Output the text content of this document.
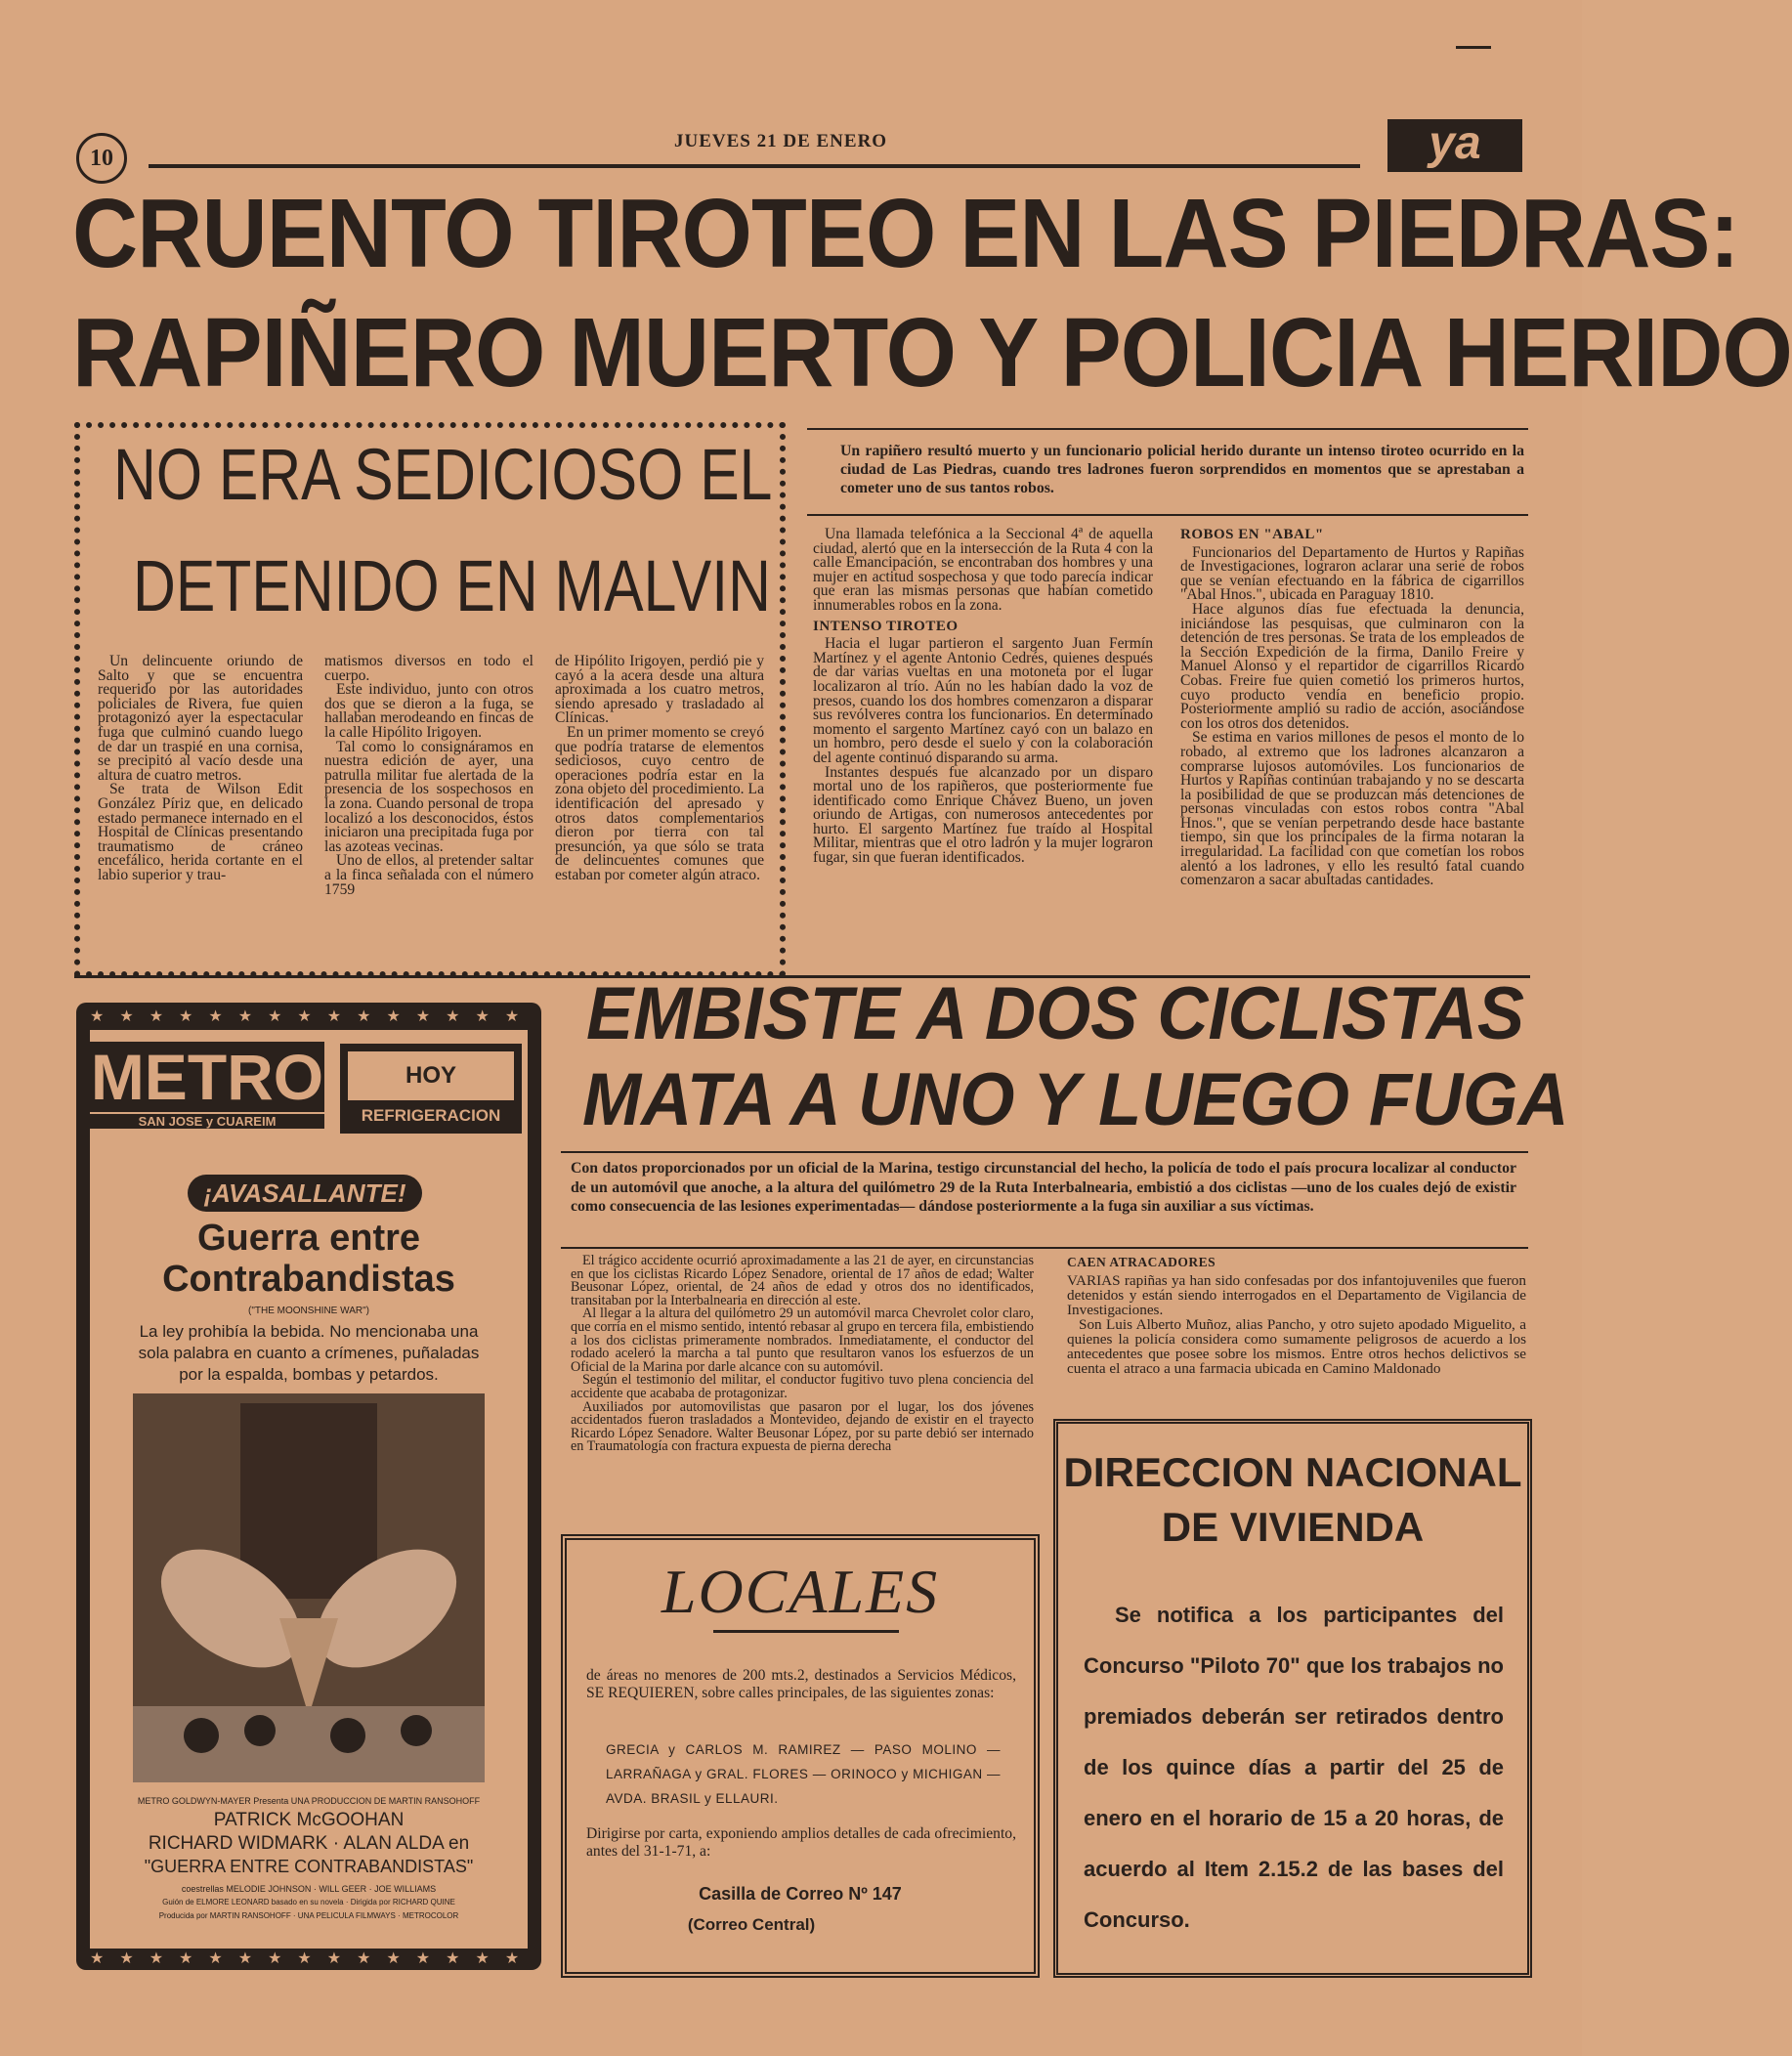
10
JUEVES 21 DE ENERO	ya
CRUENTO TIROTEO EN LAS PIEDRAS:
RAPIÑERO MUERTO Y POLICIA HERIDO
NO ERA SEDICIOSO EL
DETENIDO EN MALVIN

Un delincuente oriundo de Salto y que se encuentra requerido por las autoridades policiales de Rivera, fue quien protagonizó ayer la espectacular fuga que culminó cuando luego de dar un traspié en una cornisa, se precipitó al vacío desde una altura de cuatro metros.

Se trata de Wilson Edit González Píriz que, en delicado estado permanece internado en el Hospital de Clínicas presentando traumatismo de cráneo encefálico, herida cortante en el labio superior y trau-

matismos diversos en todo el cuerpo.

Este individuo, junto con otros dos que se dieron a la fuga, se hallaban merodeando en fincas de la calle Hipólito Irigoyen.

Tal como lo consignáramos en nuestra edición de ayer, una patrulla militar fue alertada de la presencia de los sospechosos en la zona. Cuando personal de tropa localizó a los desconocidos, éstos iniciaron una precipitada fuga por las azoteas vecinas.

Uno de ellos, al pretender saltar a la finca señalada con el número 1759

de Hipólito Irigoyen, perdió pie y cayó a la acera desde una altura aproximada a los cuatro metros, siendo apresado y trasladado al Clínicas.

En un primer momento se creyó que podría tratarse de elementos sediciosos, cuyo centro de operaciones podría estar en la zona objeto del procedimiento. La identificación del apresado y otros datos complementarios dieron por tierra con tal presunción, ya que sólo se trata de delincuentes comunes que estaban por cometer algún atraco.

Un rapiñero resultó muerto y un funcionario policial herido durante un intenso tiroteo ocurrido en la ciudad de Las Piedras, cuando tres ladrones fueron sorprendidos en momentos que se aprestaban a cometer uno de sus tantos robos.

Una llamada telefónica a la Seccional 4ª de aquella ciudad, alertó que en la intersección de la Ruta 4 con la calle Emancipación, se encontraban dos hombres y una mujer en actitud sospechosa y que todo parecía indicar que eran las mismas personas que habían cometido innumerables robos en la zona.

INTENSO TIROTEO

Hacia el lugar partieron el sargento Juan Fermín Martínez y el agente Antonio Cedrés, quienes después de dar varias vueltas en una motoneta por el lugar localizaron al trío. Aún no les habían dado la voz de presos, cuando los dos hombres comenzaron a disparar sus revólveres contra los funcionarios. En determinado momento el sargento Martínez cayó con un balazo en un hombro, pero desde el suelo y con la colaboración del agente continuó disparando su arma.

Instantes después fue alcanzado por un disparo mortal uno de los rapiñeros, que posteriormente fue identificado como Enrique Chávez Bueno, un joven oriundo de Artigas, con numerosos antecedentes por hurto. El sargento Martínez fue traído al Hospital Militar, mientras que el otro ladrón y la mujer lograron fugar, sin que fueran identificados.

ROBOS EN "ABAL"

Funcionarios del Departamento de Hurtos y Rapiñas de Investigaciones, lograron aclarar una serie de robos que se venían efectuando en la fábrica de cigarrillos "Abal Hnos.", ubicada en Paraguay 1810.

Hace algunos días fue efectuada la denuncia, iniciándose las pesquisas, que culminaron con la detención de tres personas. Se trata de los empleados de la Sección Expedición de la firma, Danilo Freire y Manuel Alonso y el repartidor de cigarrillos Ricardo Cobas. Freire fue quien cometió los primeros hurtos, cuyo producto vendía en beneficio propio. Posteriormente amplió su radio de acción, asociándose con los otros dos detenidos.

Se estima en varios millones de pesos el monto de lo robado, al extremo que los ladrones alcanzaron a comprarse lujosos automóviles. Los funcionarios de Hurtos y Rapiñas continúan trabajando y no se descarta la posibilidad de que se produzcan más detenciones de personas vinculadas con estos robos contra "Abal Hnos.", que se venían perpetrando desde hace bastante tiempo, sin que los principales de la firma notaran la irregularidad. La facilidad con que cometían los robos alentó a los ladrones, y ello les resultó fatal cuando comenzaron a sacar abultadas cantidades.

★★★★★★★★★★★★★★★
METRO
SAN JOSE y CUAREIM
HOY
REFRIGERACION
¡AVASALLANTE!
Guerra entre
Contrabandistas
("THE MOONSHINE WAR")
La ley prohibía la bebida. No mencionaba una sola palabra en cuanto a crímenes, puñaladas por la espalda, bombas y petardos.
METRO GOLDWYN-MAYER Presenta UNA PRODUCCION DE MARTIN RANSOHOFF
PATRICK McGOOHAN
RICHARD WIDMARK · ALAN ALDA en
"GUERRA ENTRE CONTRABANDISTAS"
coestrellas MELODIE JOHNSON · WILL GEER · JOE WILLIAMS
Guión de ELMORE LEONARD basado en su novela · Dirigida por RICHARD QUINE
Producida por MARTIN RANSOHOFF · UNA PELICULA FILMWAYS · METROCOLOR
★★★★★★★★★★★★★★★
EMBISTE A DOS CICLISTAS
MATA A UNO Y LUEGO FUGA
Con datos proporcionados por un oficial de la Marina, testigo circunstancial del hecho, la policía de todo el país procura localizar al conductor de un automóvil que anoche, a la altura del quilómetro 29 de la Ruta Interbalnearia, embistió a dos ciclistas —uno de los cuales dejó de existir como consecuencia de las lesiones experimentadas— dándose posteriormente a la fuga sin auxiliar a sus víctimas.

El trágico accidente ocurrió aproximadamente a las 21 de ayer, en circunstancias en que los ciclistas Ricardo López Senadore, oriental de 17 años de edad; Walter Beusonar López, oriental, de 24 años de edad y otros dos no identificados, transitaban por la Interbalnearia en dirección al este.

Al llegar a la altura del quilómetro 29 un automóvil marca Chevrolet color claro, que corría en el mismo sentido, intentó rebasar al grupo en tercera fila, embistiendo a los dos ciclistas primeramente nombrados. Inmediatamente, el conductor del rodado aceleró la marcha a tal punto que resultaron vanos los esfuerzos de un Oficial de la Marina por darle alcance con su automóvil.

Según el testimonio del militar, el conductor fugitivo tuvo plena conciencia del accidente que acababa de protagonizar.

Auxiliados por automovilistas que pasaron por el lugar, los dos jóvenes accidentados fueron trasladados a Montevideo, dejando de existir en el trayecto Ricardo López Senadore. Walter Beusonar López, por su parte debió ser internado en Traumatología con fractura expuesta de pierna derecha

CAEN ATRACADORES

VARIAS rapiñas ya han sido confesadas por dos infantojuveniles que fueron detenidos y están siendo interrogados en el Departamento de Vigilancia de Investigaciones.

Son Luis Alberto Muñoz, alias Pancho, y otro sujeto apodado Miguelito, a quienes la policía considera como sumamente peligrosos de acuerdo a los antecedentes que posee sobre los mismos. Entre otros hechos delictivos se cuenta el atraco a una farmacia ubicada en Camino Maldonado

LOCALES
de áreas no menores de 200 mts.2, destinados a Servicios Médicos, SE REQUIEREN, sobre calles principales, de las siguientes zonas:
GRECIA y CARLOS M. RAMIREZ — PASO MOLINO — LARRAÑAGA y GRAL. FLORES — ORINOCO y MICHIGAN — AVDA. BRASIL y ELLAURI.
Dirigirse por carta, exponiendo amplios detalles de cada ofrecimiento, antes del 31-1-71, a:
Casilla de Correo Nº 147
(Correo Central)
DIRECCION NACIONAL
DE VIVIENDA
Se notifica a los participantes del Concurso "Piloto 70" que los trabajos no premiados deberán ser retirados dentro de los quince días a partir del 25 de enero en el horario de 15 a 20 horas, de acuerdo al Item 2.15.2 de las bases del Concurso.
